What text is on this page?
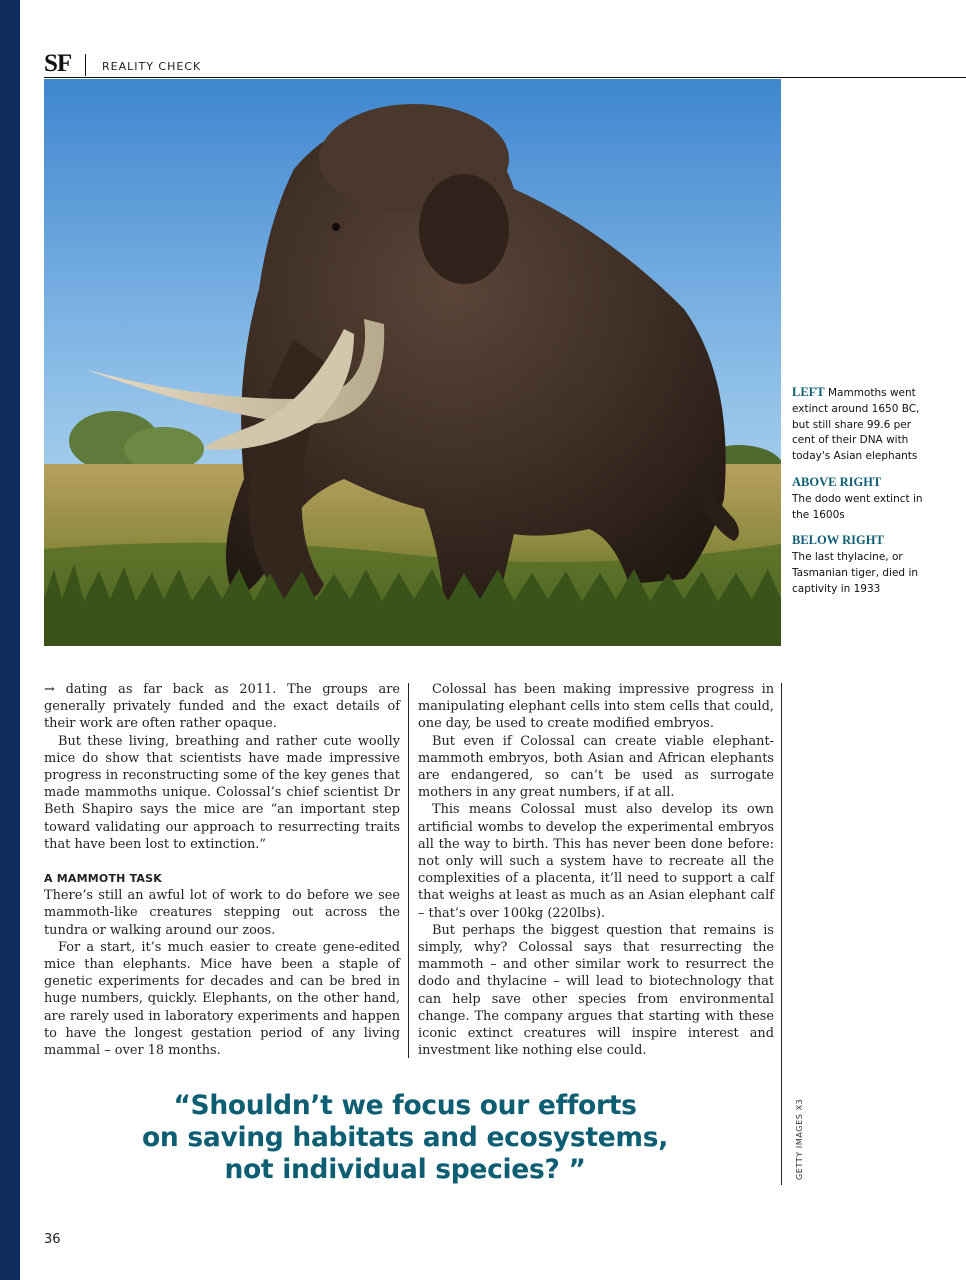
SF	REALITY CHECK

LEFT Mammoths went extinct around 1650 BC, but still share 99.6 per cent of their DNA with today's Asian elephants

ABOVE RIGHT
The dodo went extinct in the 1600s

BELOW RIGHT
The last thylacine, or Tasmanian tiger, died in captivity in 1933

→ dating as far back as 2011. The groups are generally privately funded and the exact details of their work are often rather opaque.

But these living, breathing and rather cute woolly mice do show that scientists have made impressive progress in reconstructing some of the key genes that made mammoths unique. Colossal’s chief scientist Dr Beth Shapiro says the mice are “an important step toward validating our approach to resurrecting traits that have been lost to extinction.”

A MAMMOTH TASK

There’s still an awful lot of work to do before we see mammoth-like creatures stepping out across the tundra or walking around our zoos.

For a start, it’s much easier to create gene-edited mice than elephants. Mice have been a staple of genetic experiments for decades and can be bred in huge numbers, quickly. Elephants, on the other hand, are rarely used in laboratory experiments and happen to have the longest gestation period of any living mammal – over 18 months.

Colossal has been making impressive progress in manipulating elephant cells into stem cells that could, one day, be used to create modified embryos.

But even if Colossal can create viable elephant-mammoth embryos, both Asian and African elephants are endangered, so can’t be used as surrogate mothers in any great numbers, if at all.

This means Colossal must also develop its own artificial wombs to develop the experimental embryos all the way to birth. This has never been done before: not only will such a system have to recreate all the complexities of a placenta, it’ll need to support a calf that weighs at least as much as an Asian elephant calf – that’s over 100kg (220lbs).

But perhaps the biggest question that remains is simply, why? Colossal says that resurrecting the mammoth – and other similar work to resurrect the dodo and thylacine – will lead to biotechnology that can help save other species from environmental change. The company argues that starting with these iconic extinct creatures will inspire interest and investment like nothing else could.

“Shouldn’t we focus our efforts
on saving habitats and ecosystems,
not individual species? ”	GETTY IMAGES X3
36
